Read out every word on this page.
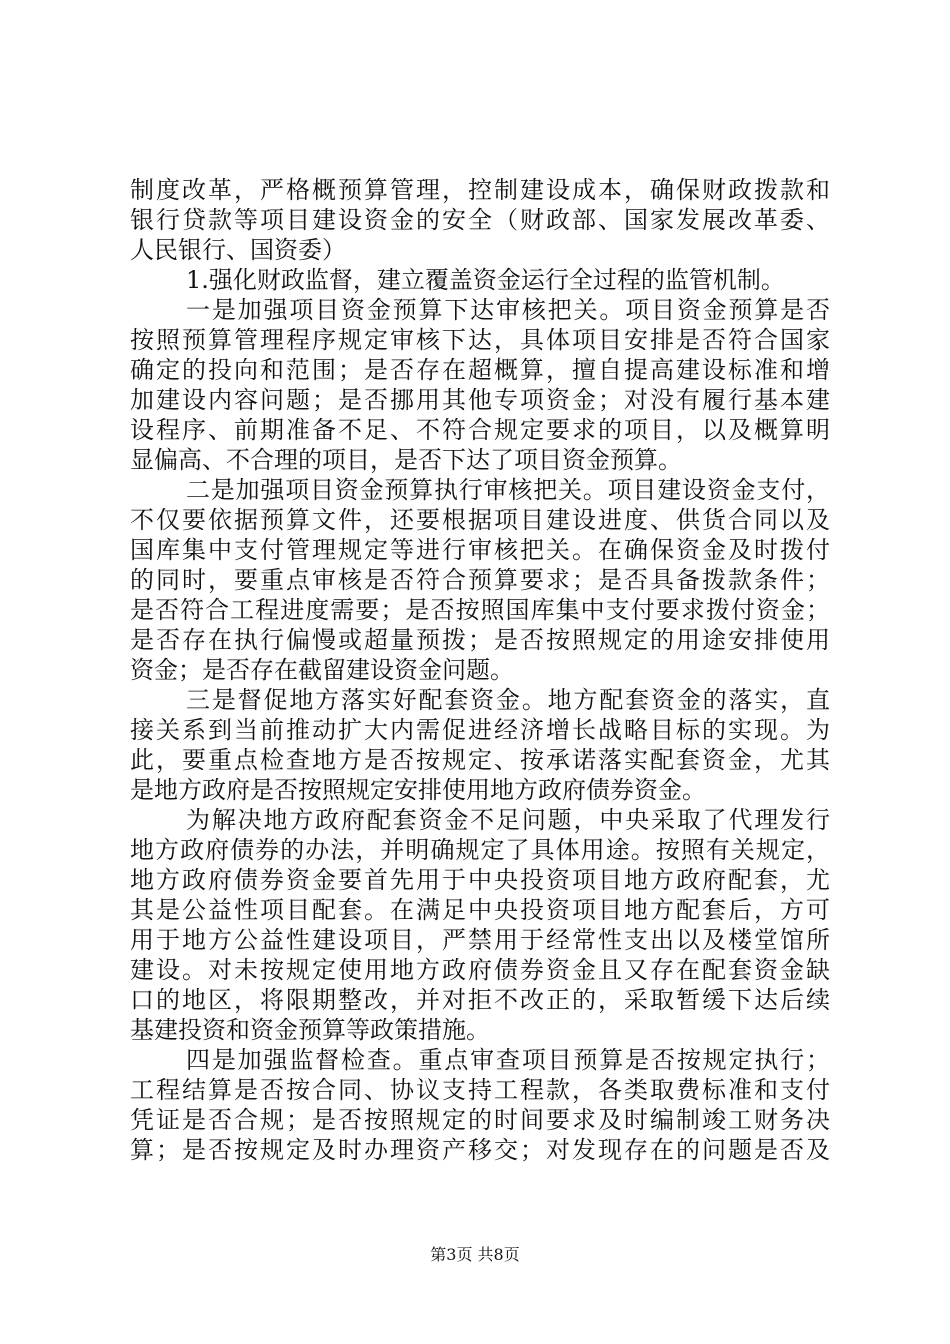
制度改革，严格概预算管理，控制建设成本，确保财政拨款和
银行贷款等项目建设资金的安全（财政部、国家发展改革委、
人民银行、国资委）
1.强化财政监督，建立覆盖资金运行全过程的监管机制。
一是加强项目资金预算下达审核把关。项目资金预算是否
按照预算管理程序规定审核下达，具体项目安排是否符合国家
确定的投向和范围；是否存在超概算，擅自提高建设标准和增
加建设内容问题；是否挪用其他专项资金；对没有履行基本建
设程序、前期准备不足、不符合规定要求的项目，以及概算明
显偏高、不合理的项目，是否下达了项目资金预算。
二是加强项目资金预算执行审核把关。项目建设资金支付，
不仅要依据预算文件，还要根据项目建设进度、供货合同以及
国库集中支付管理规定等进行审核把关。在确保资金及时拨付
的同时，要重点审核是否符合预算要求；是否具备拨款条件；
是否符合工程进度需要；是否按照国库集中支付要求拨付资金；
是否存在执行偏慢或超量预拨；是否按照规定的用途安排使用
资金；是否存在截留建设资金问题。
三是督促地方落实好配套资金。地方配套资金的落实，直
接关系到当前推动扩大内需促进经济增长战略目标的实现。为
此，要重点检查地方是否按规定、按承诺落实配套资金，尤其
是地方政府是否按照规定安排使用地方政府债券资金。
为解决地方政府配套资金不足问题，中央采取了代理发行
地方政府债券的办法，并明确规定了具体用途。按照有关规定，
地方政府债券资金要首先用于中央投资项目地方政府配套，尤
其是公益性项目配套。在满足中央投资项目地方配套后，方可
用于地方公益性建设项目，严禁用于经常性支出以及楼堂馆所
建设。对未按规定使用地方政府债券资金且又存在配套资金缺
口的地区，将限期整改，并对拒不改正的，采取暂缓下达后续
基建投资和资金预算等政策措施。
四是加强监督检查。重点审查项目预算是否按规定执行；
工程结算是否按合同、协议支持工程款，各类取费标准和支付
凭证是否合规；是否按照规定的时间要求及时编制竣工财务决
算；是否按规定及时办理资产移交；对发现存在的问题是否及
第3页 共8页
